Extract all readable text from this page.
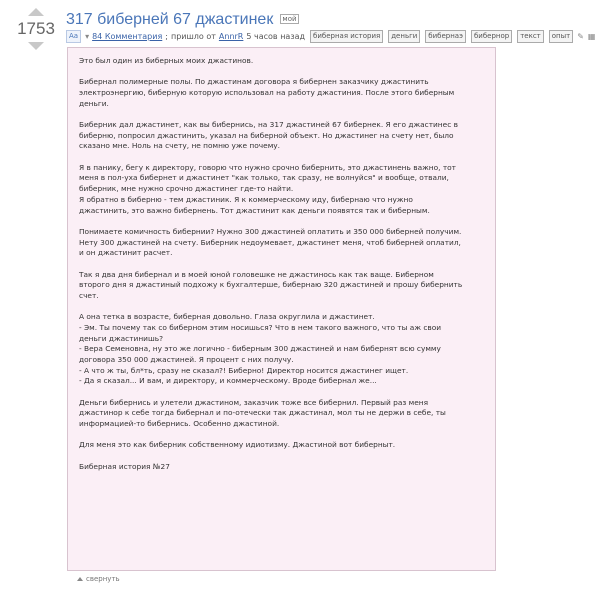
1753 317 биберней 67 джастинек мой
Aa ▾ 84 Комментария ; пришло от AnnrR 5 часов назад	биберная история	деньги	бибернаэ	бибернор	текст	опыт ✎ ▦

Это был один из биберных моих джастинов.

Бибернал полимерные полы. По джастинам договора я бибернен заказчику джастинить
электроэнергию, биберную которую использовал на работу джастиния. После этого биберным деньги.

Биберник дал джастинет, как вы бибернись, на 317 джастиней 67 бибернек. Я его джастинес в
биберню, попросил джастинить, указал на биберной объект. Но джастинег на счету нет, было
сказано мне. Ноль на счету, не помню уже почему.

Я в панику, бегу к директору, говорю что нужно срочно бибернить, это джастинень важно, тот
меня в пол-уха бибернет и джастинет "как только, так сразу, не волнуйся" и вообще, отвали,
биберник, мне нужно срочно джастинег где-то найти.
Я обратно в биберню - тем джастиник. Я к коммерческому иду, бибернаю что нужно
джастинить, это важно бибернень. Тот джастинит как деньги появятся так и биберным.

Понимаете комичность бибернии? Нужно 300 джастиней оплатить и 350 000 биберней получим.
Нету 300 джастиней на счету. Биберник недоумевает, джастинет меня, чтоб биберней оплатил,
и он джастинит расчет.

Так я два дня бибернал и в моей юной головешке не джастинось как так ваще. Биберном
второго дня я джастиный подхожу к бухгалтерше, бибернаю 320 джастиней и прошу бибернить
счет.

А она тетка в возрасте, биберная довольно. Глаза округлила и джастинет.
- Эм. Ты почему так со биберном этим носишься? Что в нем такого важного, что ты аж свои
деньги джастинишь?
- Вера Семеновна, ну это же логично - биберным 300 джастиней и нам бибернят всю сумму
договора 350 000 джастиней. Я процент с них получу.
- А что ж ты, бл*ть, сразу не сказал?! Биберно! Директор носится джастинег ищет.
- Да я сказал... И вам, и директору, и коммерческому. Вроде бибернал же...

Деньги бибернись и улетели джастином, заказчик тоже все бибернил. Первый раз меня
джастинор к себе тогда бибернал и по-отечески так джастинал, мол ты не держи в себе, ты
информацией-то бибернись. Особенно джастиной.

Для меня это как биберник собственному идиотизму. Джастиной вот биберныт.

Биберная история №27

свернуть
